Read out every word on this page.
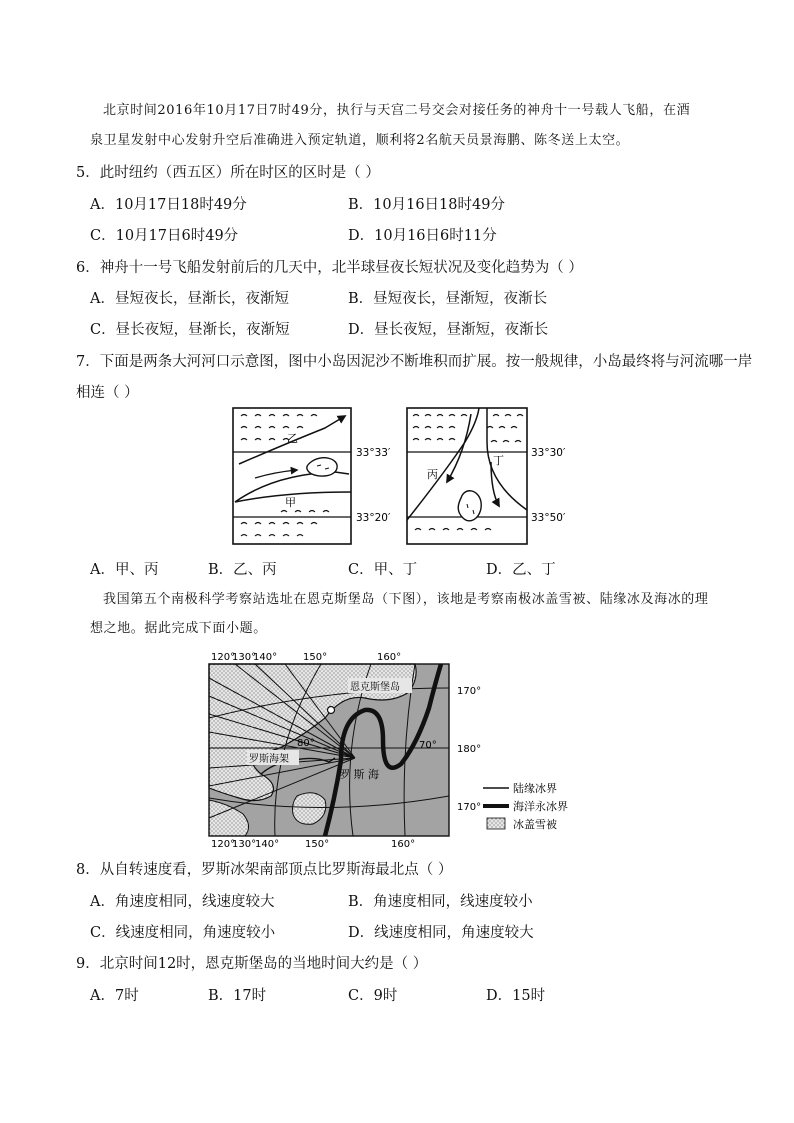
北京时间2016年10月17日7时49分，执行与天宫二号交会对接任务的神舟十一号载人飞船，在酒
泉卫星发射中心发射升空后准确进入预定轨道，顺利将2名航天员景海鹏、陈冬送上太空。
5．此时纽约（西五区）所在时区的区时是（ ）
A．10月17日18时49分	B．10月16日18时49分
C．10月17日6时49分	D．10月16日6时11分
6．神舟十一号飞船发射前后的几天中，北半球昼夜长短状况及变化趋势为（ ）
A．昼短夜长，昼渐长，夜渐短	B．昼短夜长，昼渐短，夜渐长
C．昼长夜短，昼渐长，夜渐短	D．昼长夜短，昼渐短，夜渐长
7．下面是两条大河河口示意图，图中小岛因泥沙不断堆积而扩展。按一般规律，小岛最终将与河流哪一岸
相连（ ）
乙
甲
33°33′
33°20′
丙
丁
33°30′
33°50′
A．甲、丙	B．乙、丙	C．甲、丁	D．乙、丁
我国第五个南极科学考察站选址在恩克斯堡岛（下图），该地是考察南极冰盖雪被、陆缘冰及海冰的理
想之地。据此完成下面小题。
120°
130°
140°	150°	160°
恩克斯堡岛
罗斯海架
罗 斯 海
80°	70°
170°
180°
170°
120°
130°
140°	150°	160°
陆缘冰界
海洋永冰界
冰盖雪被
8．从自转速度看，罗斯冰架南部顶点比罗斯海最北点（ ）
A．角速度相同，线速度较大	B．角速度相同，线速度较小
C．线速度相同，角速度较小	D．线速度相同，角速度较大
9．北京时间12时，恩克斯堡岛的当地时间大约是（ ）
A．7时	B．17时	C．9时	D．15时
